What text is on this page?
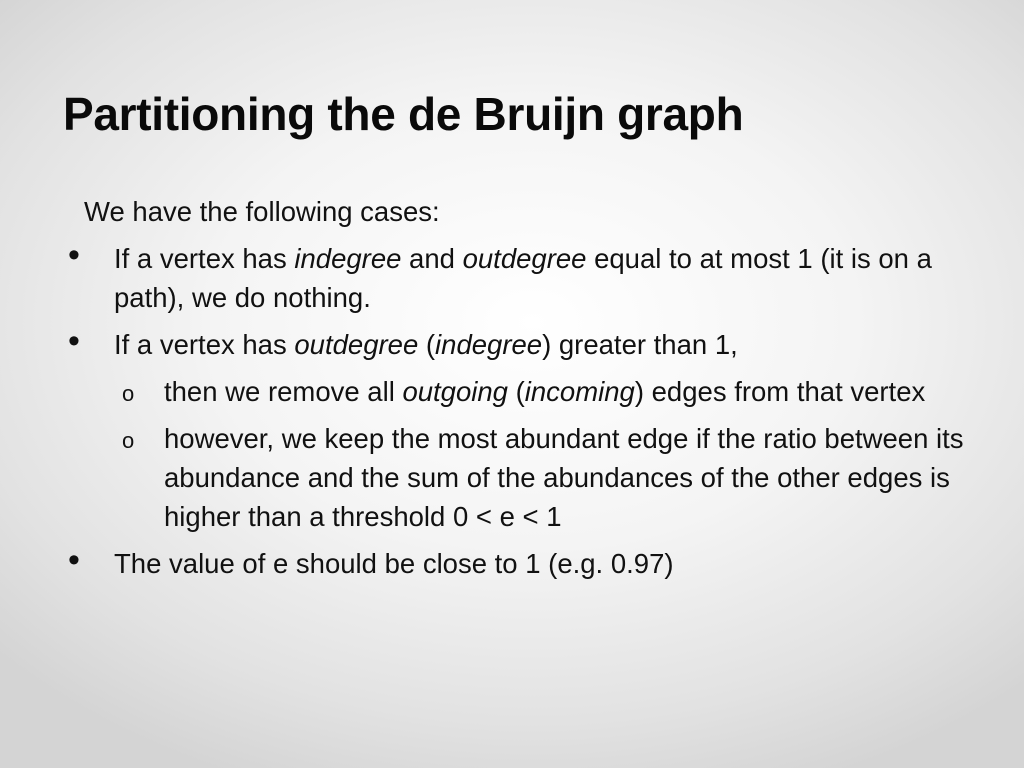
Partitioning the de Bruijn graph
We have the following cases:
• If a vertex has indegree and outdegree equal to at most 1 (it is on a path), we do nothing.
• If a vertex has outdegree (indegree) greater than 1,
o then we remove all outgoing (incoming) edges from that vertex
o however, we keep the most abundant edge if the ratio between its abundance and the sum of the abundances of the other edges is higher than a threshold 0 < e < 1
• The value of e should be close to 1 (e.g. 0.97)
